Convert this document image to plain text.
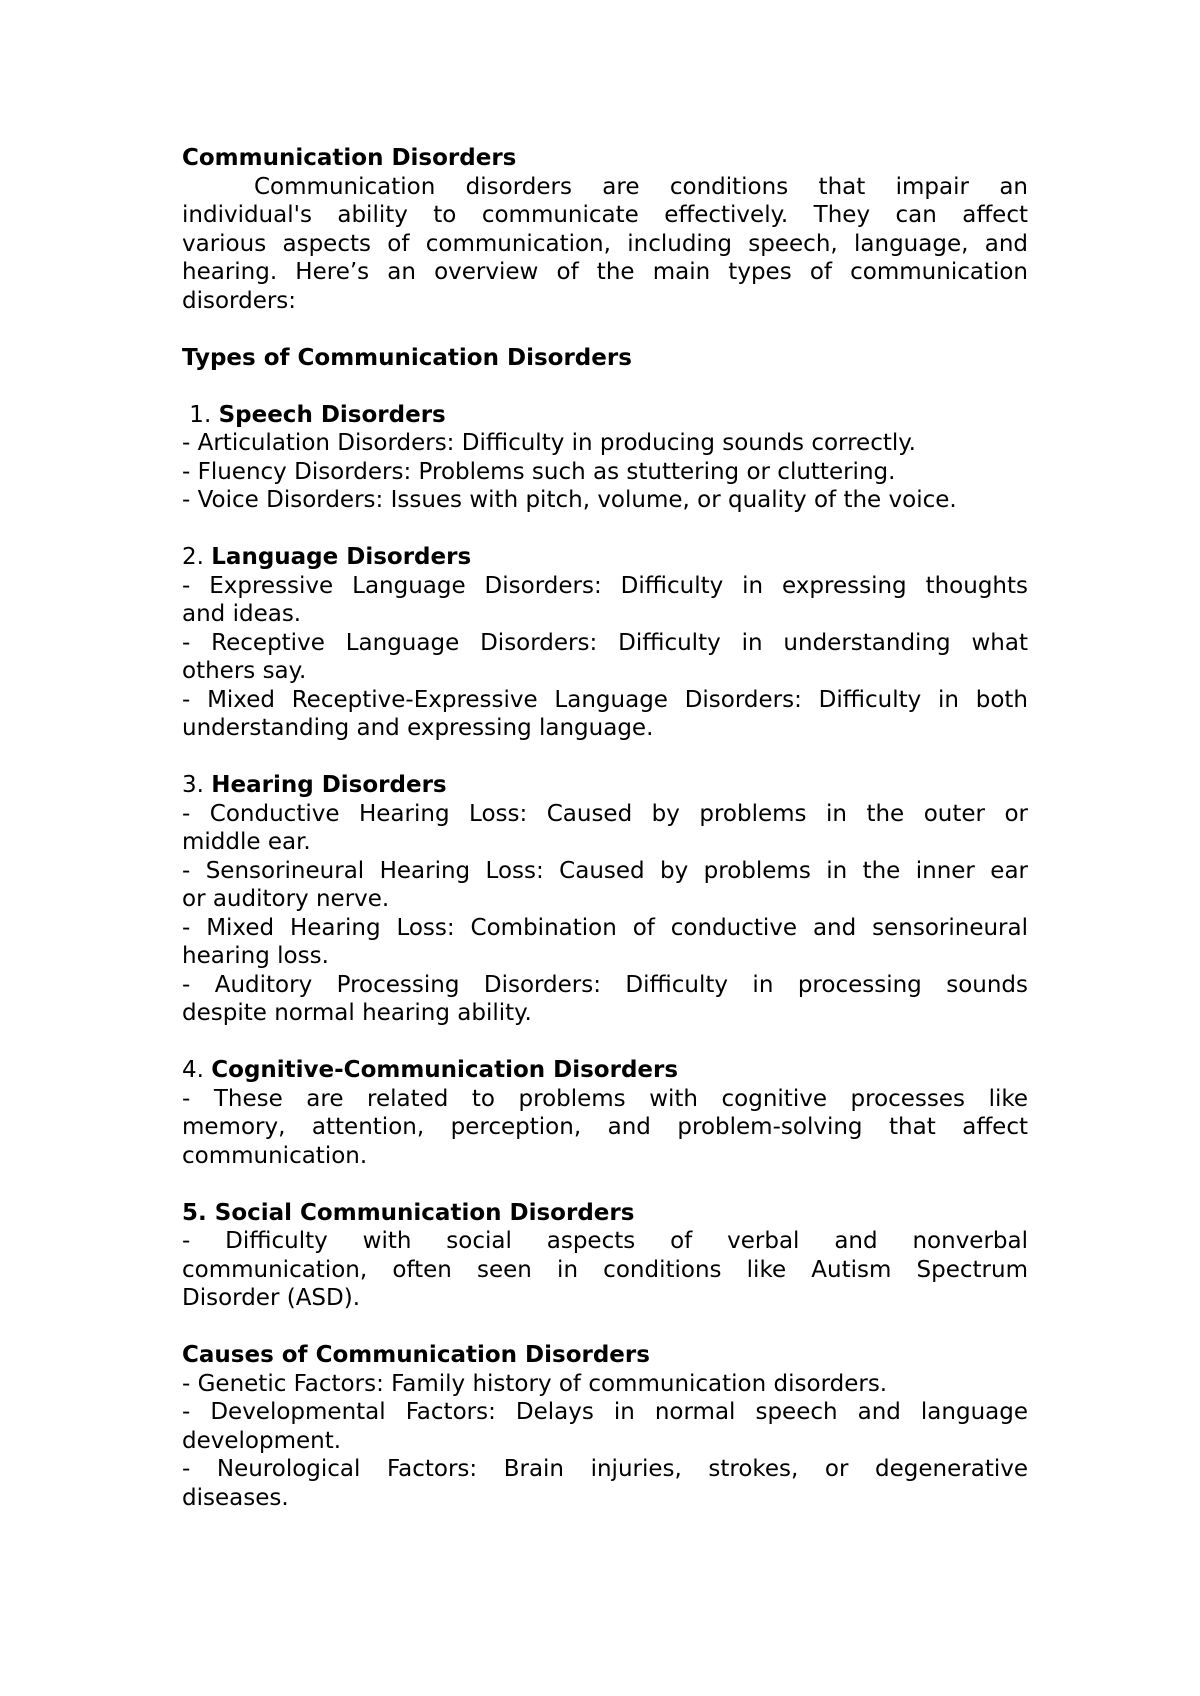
Communication Disorders
Communication disorders are conditions that impair an
individual's ability to communicate effectively. They can affect
various aspects of communication, including speech, language, and
hearing. Here’s an overview of the main types of communication
disorders:
Types of Communication Disorders
1. Speech Disorders
- Articulation Disorders: Difficulty in producing sounds correctly.
- Fluency Disorders: Problems such as stuttering or cluttering.
- Voice Disorders: Issues with pitch, volume, or quality of the voice.
2. Language Disorders
- Expressive Language Disorders: Difficulty in expressing thoughts
and ideas.
- Receptive Language Disorders: Difficulty in understanding what
others say.
- Mixed Receptive-Expressive Language Disorders: Difficulty in both
understanding and expressing language.
3. Hearing Disorders
- Conductive Hearing Loss: Caused by problems in the outer or
middle ear.
- Sensorineural Hearing Loss: Caused by problems in the inner ear
or auditory nerve.
- Mixed Hearing Loss: Combination of conductive and sensorineural
hearing loss.
- Auditory Processing Disorders: Difficulty in processing sounds
despite normal hearing ability.
4. Cognitive-Communication Disorders
- These are related to problems with cognitive processes like
memory, attention, perception, and problem-solving that affect
communication.
5. Social Communication Disorders
- Difficulty with social aspects of verbal and nonverbal
communication, often seen in conditions like Autism Spectrum
Disorder (ASD).
Causes of Communication Disorders
- Genetic Factors: Family history of communication disorders.
- Developmental Factors: Delays in normal speech and language
development.
- Neurological Factors: Brain injuries, strokes, or degenerative
diseases.
